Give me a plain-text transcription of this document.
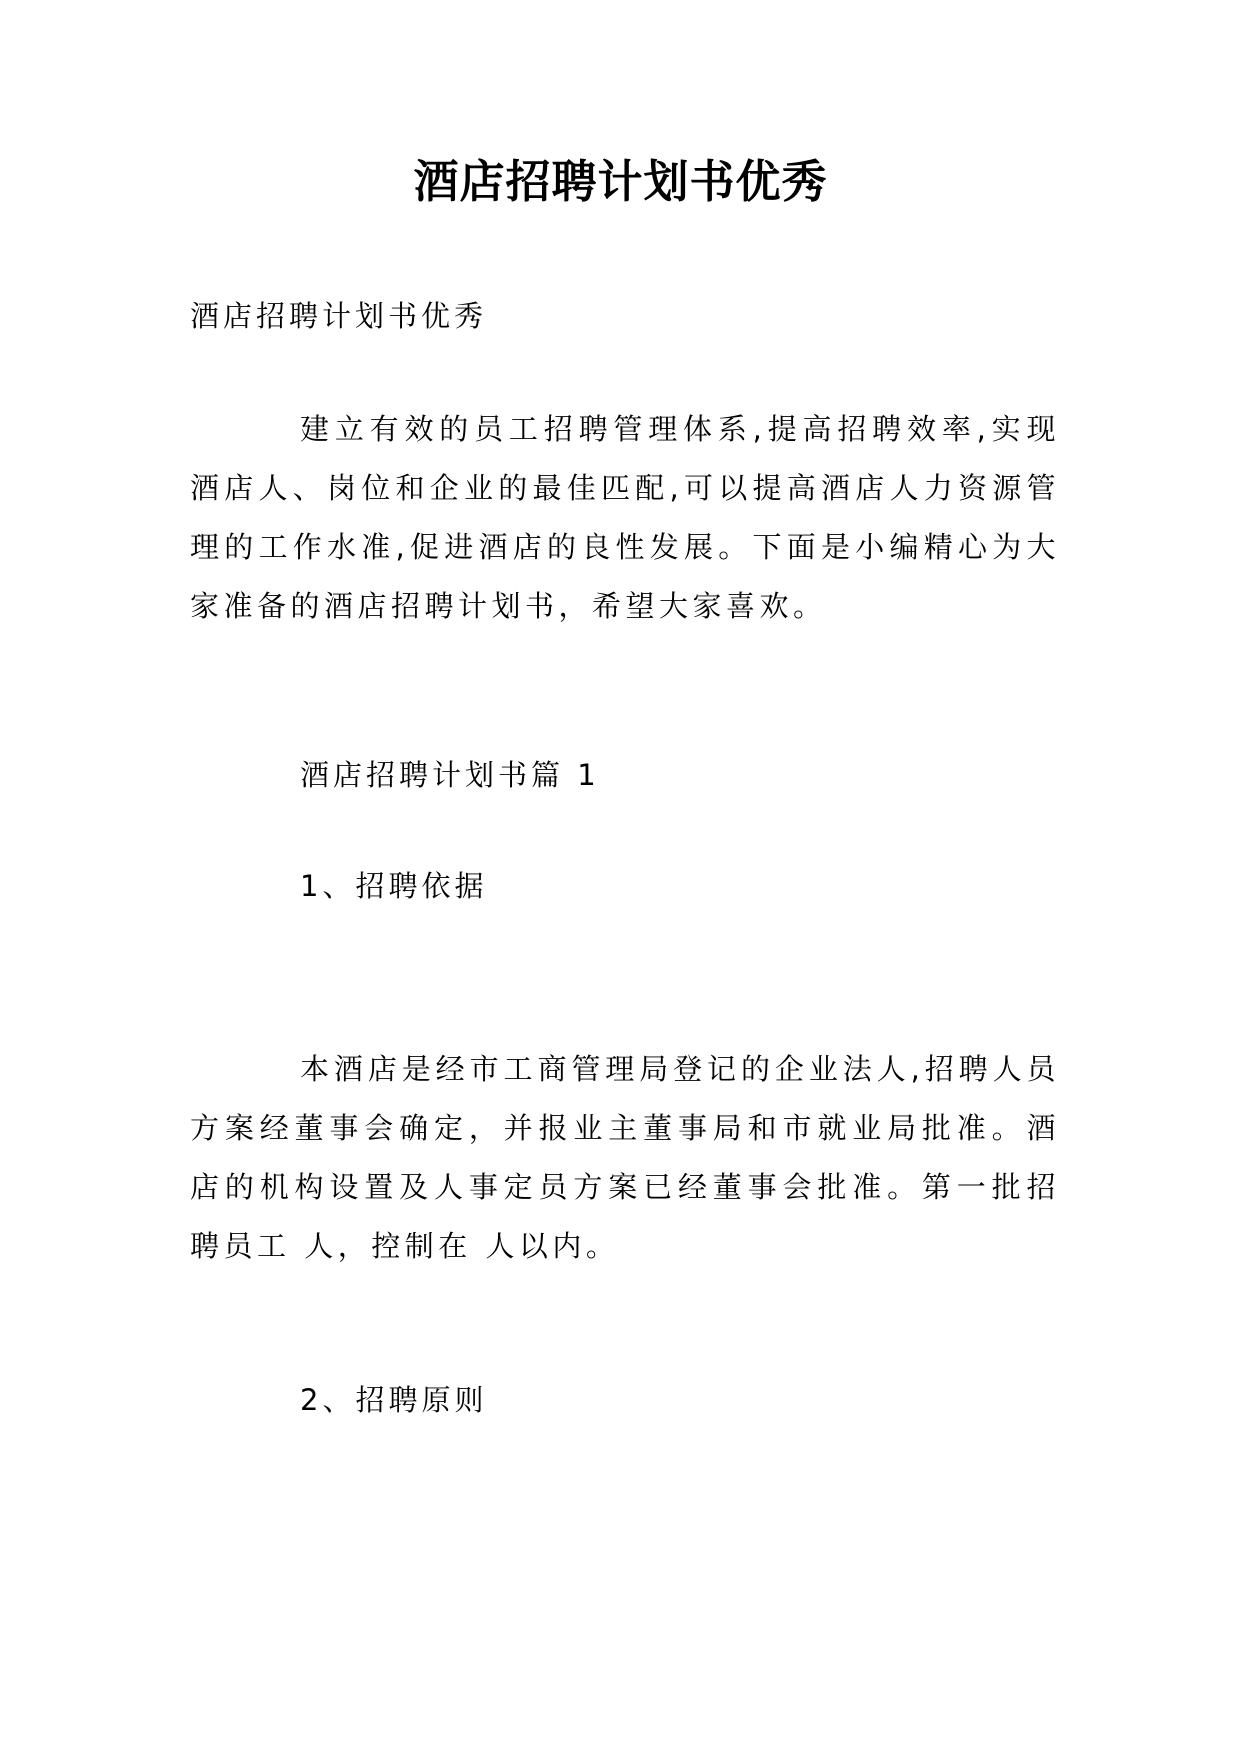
酒店招聘计划书优秀
酒店招聘计划书优秀
建立有效的员工招聘管理体系,提高招聘效率,实现酒店人、岗位和企业的最佳匹配,可以提高酒店人力资源管理的工作水准,促进酒店的良性发展。下面是小编精心为大家准备的酒店招聘计划书，希望大家喜欢。
酒店招聘计划书篇 1
1、招聘依据
本酒店是经市工商管理局登记的企业法人,招聘人员方案经董事会确定，并报业主董事局和市就业局批准。酒店的机构设置及人事定员方案已经董事会批准。第一批招聘员工 人，控制在 人以内。
2、招聘原则
